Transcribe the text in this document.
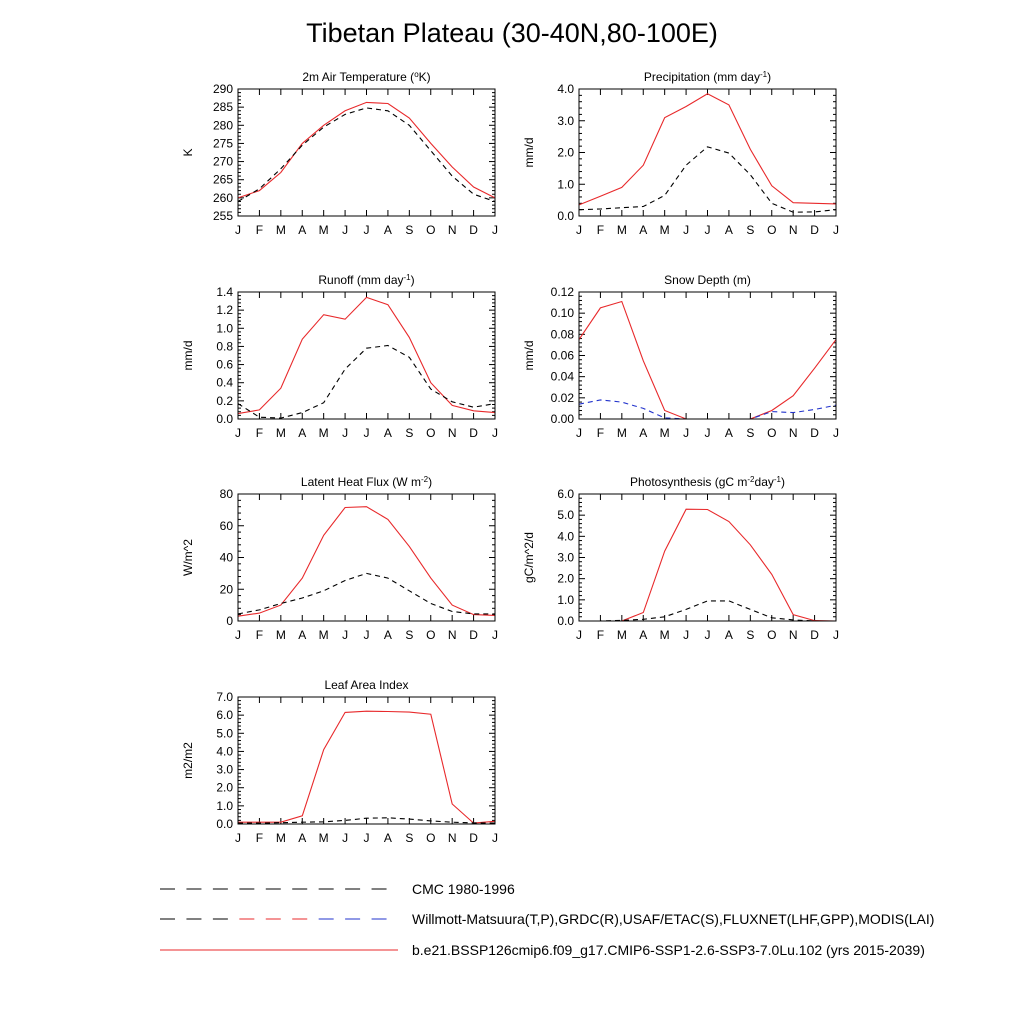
Tibetan Plateau (30-40N,80-100E)
2m Air Temperature ($^o$K)
K
255
260
265
270
275
280
285
290
J F M A M J J A S O N D J
Precipitation (mm day$^{-1}$)
mm/d
0.0
1.0
2.0
3.0
4.0
J F M A M J J A S O N D J
Runoff (mm day$^{-1}$)
mm/d
0.0
0.2
0.4
0.6
0.8
1.0
1.2
1.4
J F M A M J J A S O N D J
Snow Depth (m)
mm/d
0.00
0.02
0.04
0.06
0.08
0.10
0.12
J F M A M J J A S O N D J
Latent Heat Flux (W $m^{-2}$)
W/m^2
0
20
40
60
80
J F M A M J J A S O N D J
Photosynthesis (gC $m^{-2}day^{-1}$)
gC/m^2/d
0.0
1.0
2.0
3.0
4.0
5.0
6.0
J F M A M J J A S O N D J
Leaf Area Index
m2/m2
0.0
1.0
2.0
3.0
4.0
5.0
6.0
7.0
J F M A M J J A S O N D J
CMC 1980-1996
Willmott-Matsuura(T,P),GRDC(R),USAF/ETAC(S),FLUXNET(LHF,GPP),MODIS(LAI)
b.e21.BSSP126cmip6.f09_g17.CMIP6-SSP1-2.6-SSP3-7.0Lu.102 (yrs 2015-2039)
